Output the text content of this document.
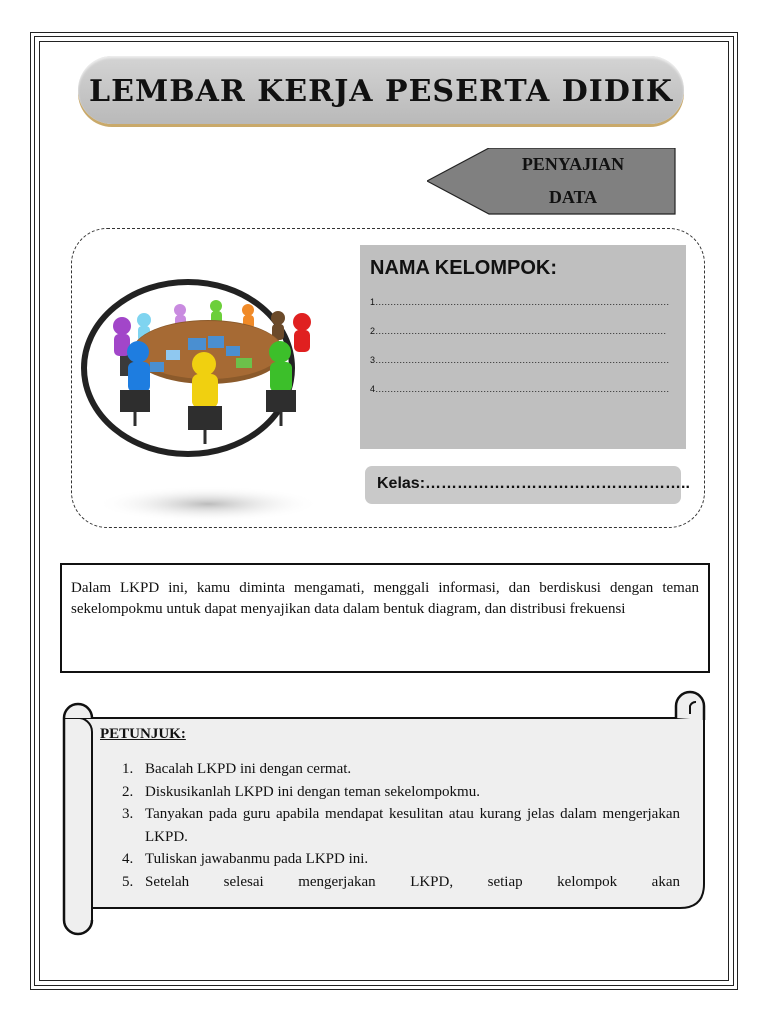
LEMBAR KERJA PESERTA DIDIK
PENYAJIAN
DATA
NAMA KELOMPOK:
1..................................................................................................
2.................................................................................................
3..................................................................................................
4..................................................................................................
Kelas:…………………………………………..
Dalam LKPD ini, kamu diminta mengamati, menggali informasi, dan berdiskusi dengan teman sekelompokmu untuk dapat menyajikan data dalam bentuk diagram, dan distribusi frekuensi
PETUNJUK:
1. Bacalah LKPD ini dengan cermat.
2. Diskusikanlah LKPD ini dengan teman sekelompokmu.
3. Tanyakan pada guru apabila mendapat kesulitan atau kurang jelas dalam mengerjakan LKPD.
4. Tuliskan jawabanmu pada LKPD ini.
5. Setelah selesai mengerjakan LKPD, setiap kelompok akan
